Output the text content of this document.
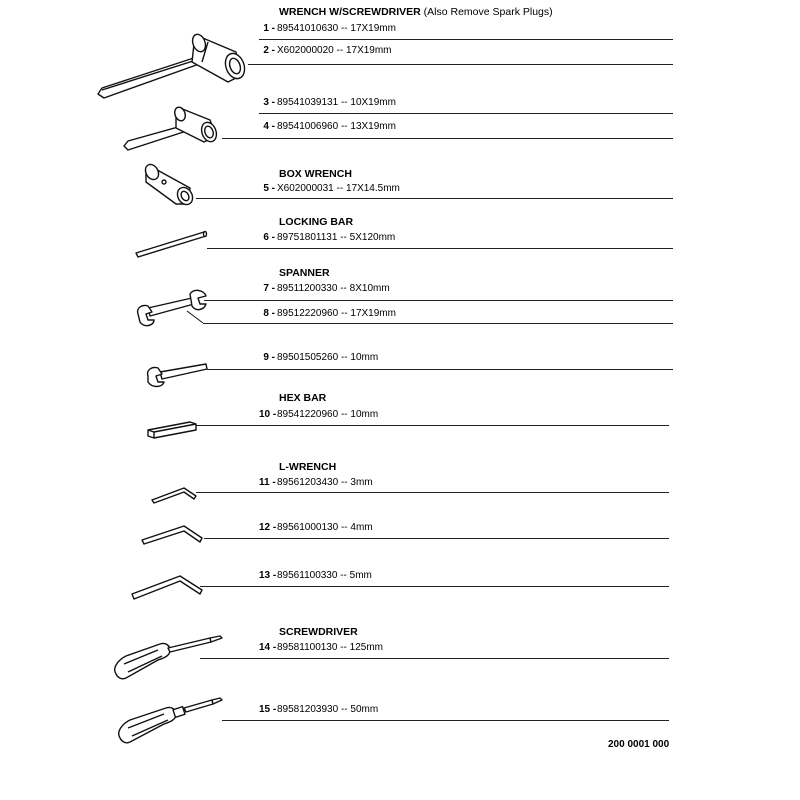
WRENCH W/SCREWDRIVER (Also Remove Spark Plugs)
BOX WRENCH
LOCKING BAR
SPANNER
HEX BAR
L-WRENCH
SCREWDRIVER
1 - 89541010630 -- 17X19mm
2 - X602000020 -- 17X19mm
3 - 89541039131 -- 10X19mm
4 - 89541006960 -- 13X19mm
5 - X602000031 -- 17X14.5mm
6 - 89751801131 -- 5X120mm
7 - 89511200330 -- 8X10mm
8 - 89512220960 -- 17X19mm
9 - 89501505260 -- 10mm
10 -89541220960 -- 10mm
11 -89561203430 -- 3mm
12 -89561000130 -- 4mm
13 -89561100330 -- 5mm
14 -89581100130 -- 125mm
15 -89581203930 -- 50mm
200 0001 000
